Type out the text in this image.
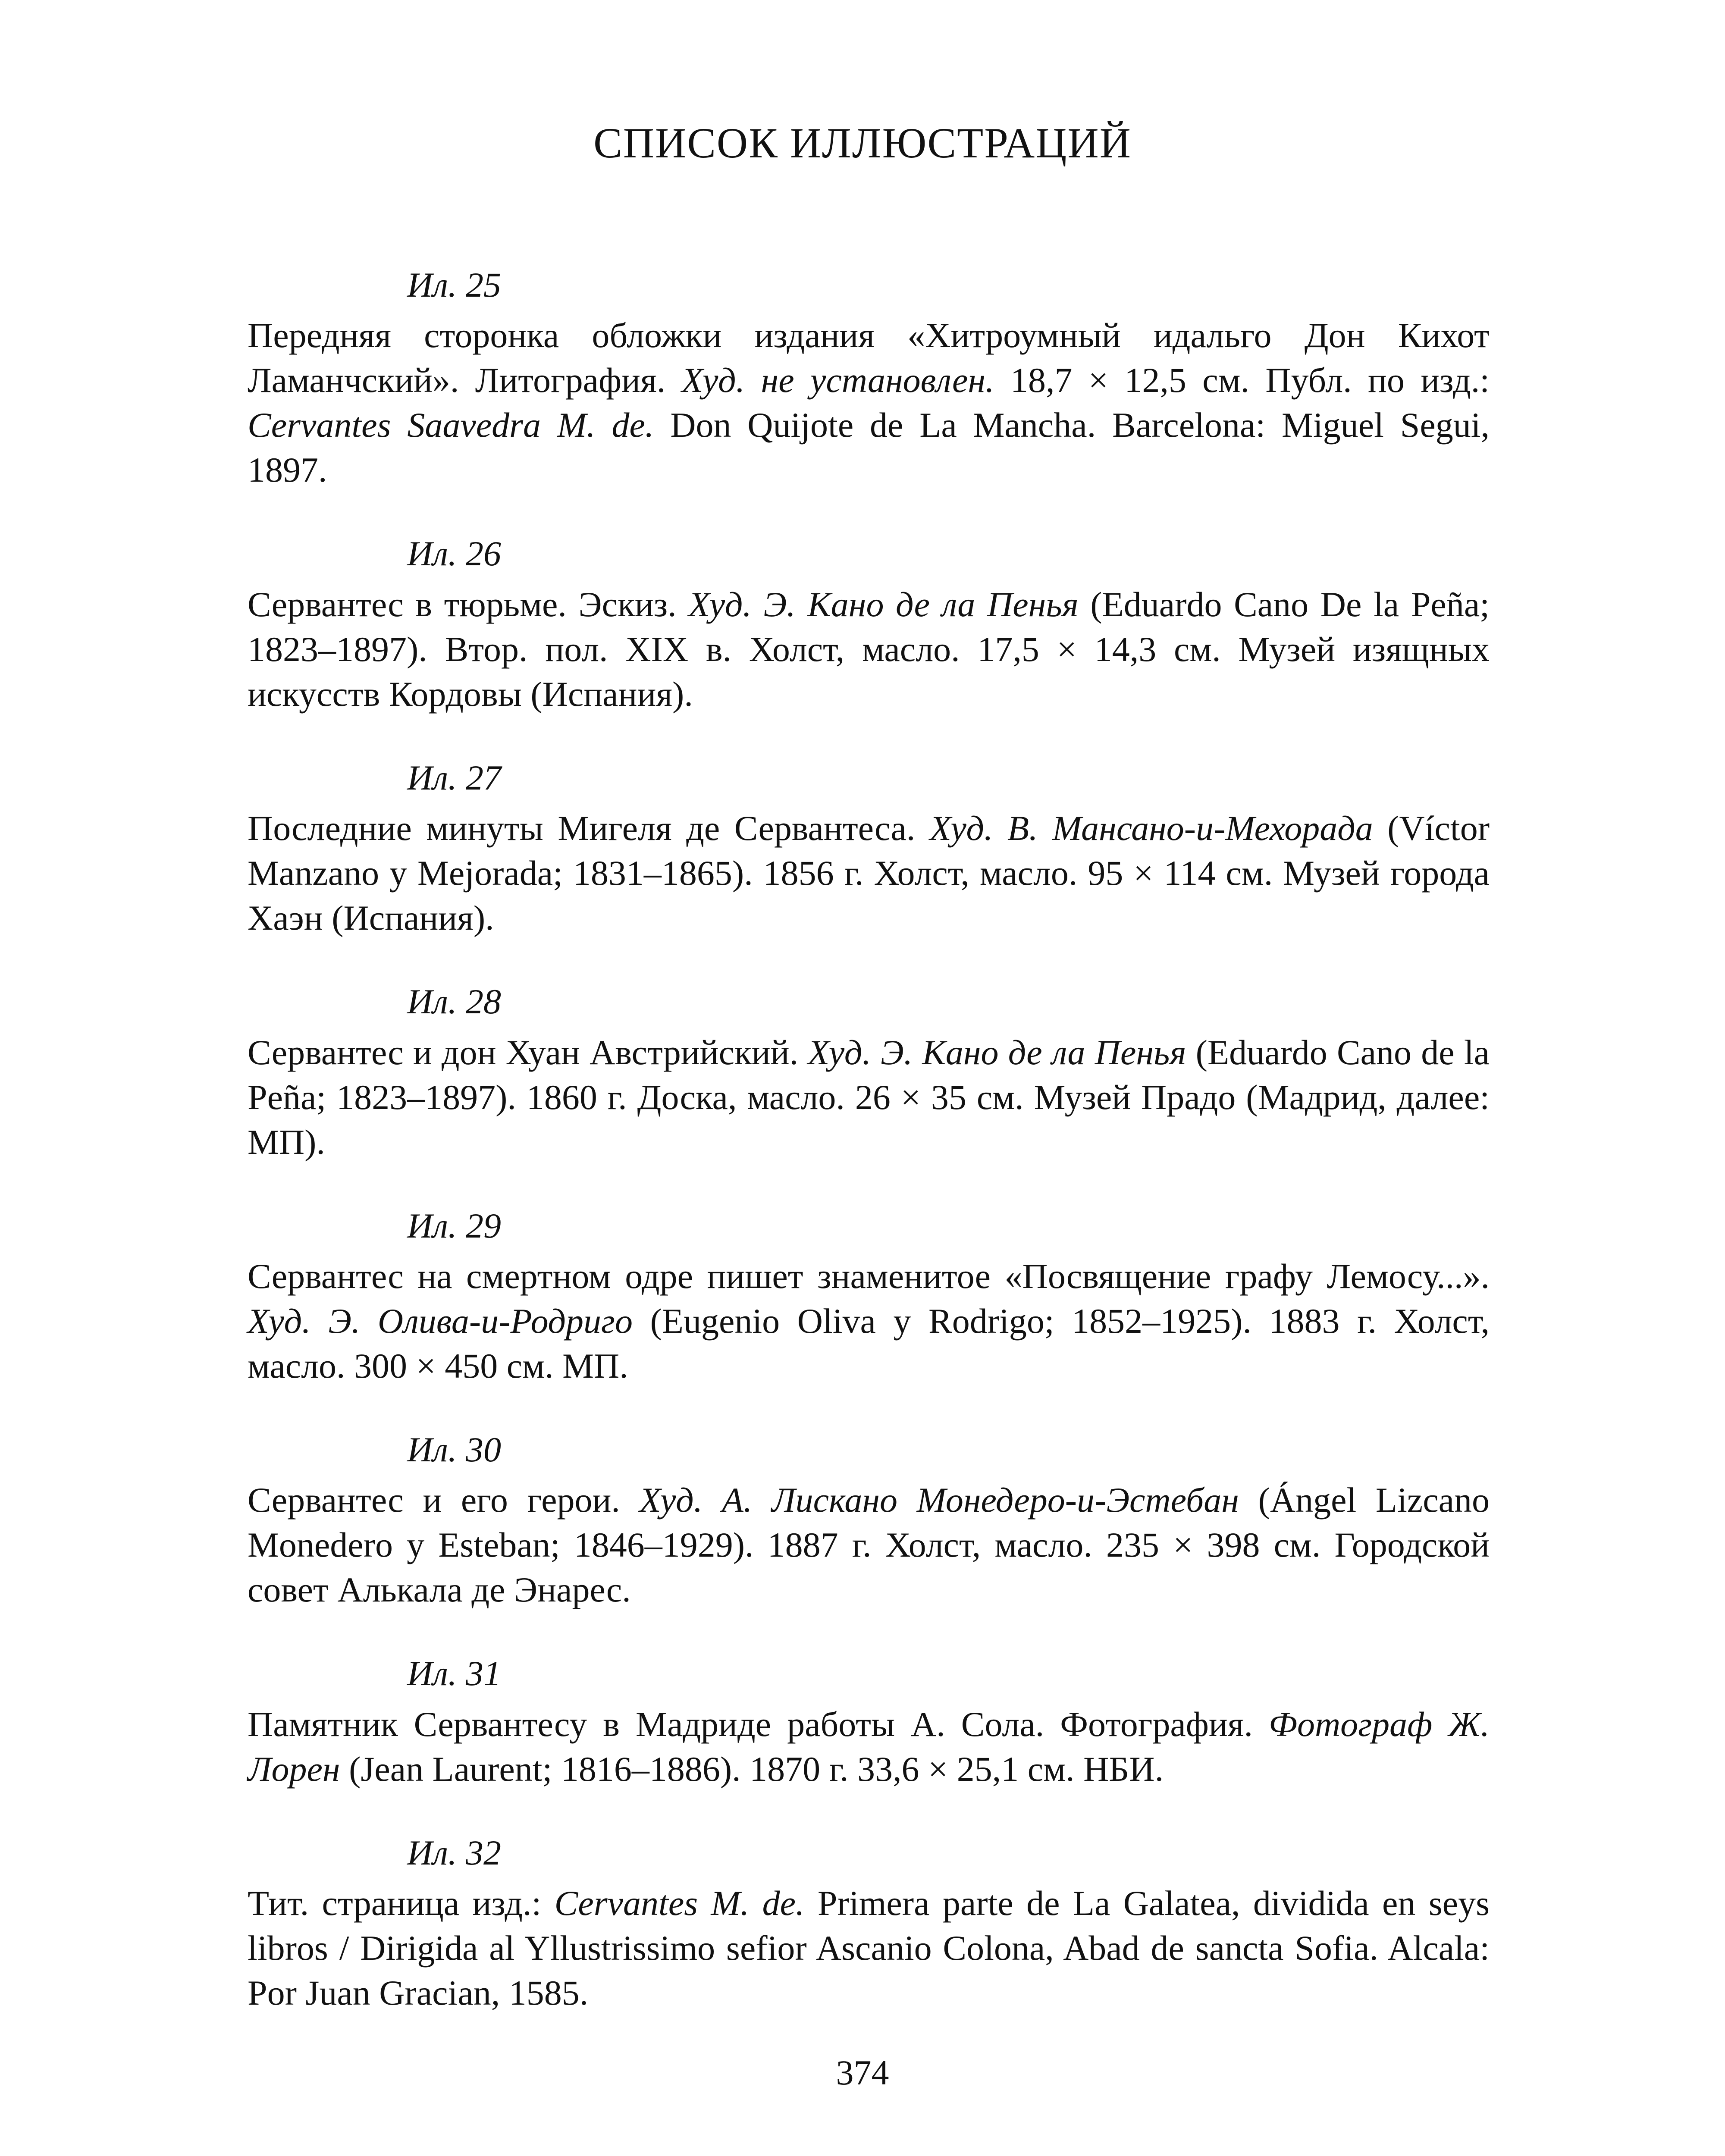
СПИСОК ИЛЛЮСТРАЦИЙ
Ил. 25
Передняя сторонка обложки издания «Хитроумный идальго Дон Кихот Ламанчский». Литография. Худ. не установлен. 18,7 × 12,5 см. Публ. по изд.: Cervantes Saavedra M. de. Don Quijote de La Mancha. Barcelona: Miguel Segui, 1897.
Ил. 26
Сервантес в тюрьме. Эскиз. Худ. Э. Кано де ла Пенья (Eduardo Cano De la Peña; 1823–1897). Втор. пол. XIX в. Холст, масло. 17,5 × 14,3 см. Музей изящных искусств Кордовы (Испания).
Ил. 27
Последние минуты Мигеля де Сервантеса. Худ. В. Мансано-и-Мехорада (Víctor Manzano y Mejorada; 1831–1865). 1856 г. Холст, масло. 95 × 114 см. Музей города Хаэн (Испания).
Ил. 28
Сервантес и дон Хуан Австрийский. Худ. Э. Кано де ла Пенья (Eduardo Cano de la Peña; 1823–1897). 1860 г. Доска, масло. 26 × 35 см. Музей Прадо (Мадрид, далее: МП).
Ил. 29
Сервантес на смертном одре пишет знаменитое «Посвящение графу Лемосу...». Худ. Э. Олива-и-Родриго (Eugenio Oliva y Rodrigo; 1852–1925). 1883 г. Холст, масло. 300 × 450 см. МП.
Ил. 30
Сервантес и его герои. Худ. А. Лискано Монедеро-и-Эстебан (Ángel Lizcano Monedero y Esteban; 1846–1929). 1887 г. Холст, масло. 235 × 398 см. Городской совет Алькала де Энарес.
Ил. 31
Памятник Сервантесу в Мадриде работы А. Сола. Фотография. Фотограф Ж. Лорен (Jean Laurent; 1816–1886). 1870 г. 33,6 × 25,1 см. НБИ.
Ил. 32
Тит. страница изд.: Cervantes M. de. Primera parte de La Galatea, dividida en seys libros / Dirigida al Yllustrissimo sefior Ascanio Colona, Abad de sancta Sofia. Alcala: Por Juan Gracian, 1585.
374
